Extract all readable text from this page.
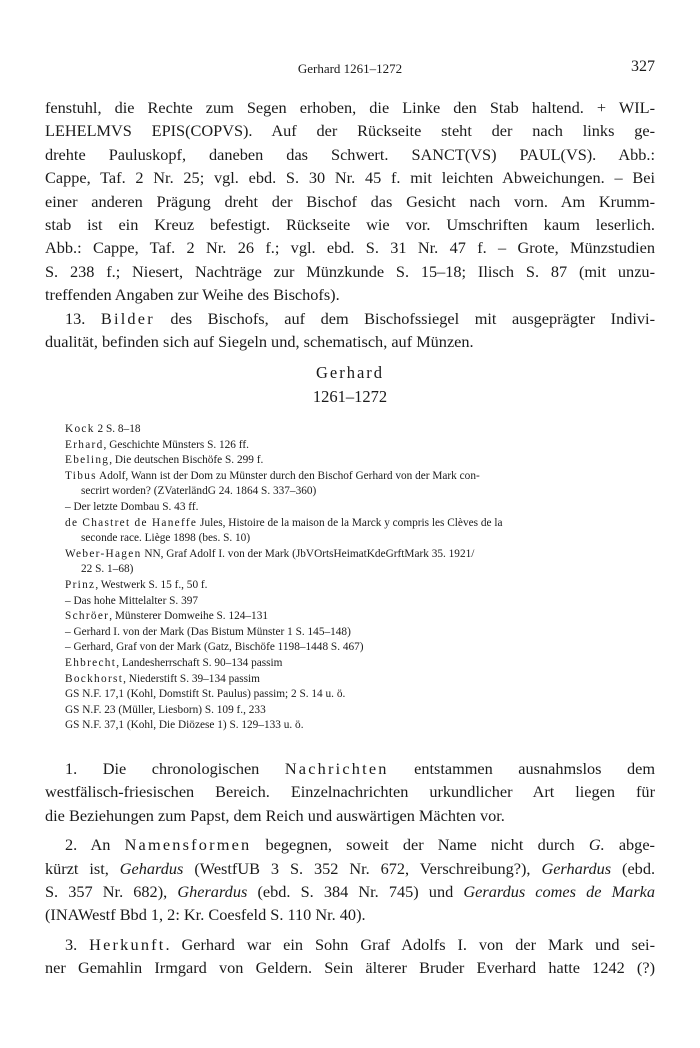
Gerhard 1261–1272	327
fenstuhl, die Rechte zum Segen erhoben, die Linke den Stab haltend. + WIL-
LEHELMVS EPIS(COPVS). Auf der Rückseite steht der nach links ge-
drehte Pauluskopf, daneben das Schwert. SANCT(VS) PAUL(VS). Abb.:
Cappe, Taf. 2 Nr. 25; vgl. ebd. S. 30 Nr. 45 f. mit leichten Abweichungen. – Bei
einer anderen Prägung dreht der Bischof das Gesicht nach vorn. Am Krumm-
stab ist ein Kreuz befestigt. Rückseite wie vor. Umschriften kaum leserlich.
Abb.: Cappe, Taf. 2 Nr. 26 f.; vgl. ebd. S. 31 Nr. 47 f. – Grote, Münzstudien
S. 238 f.; Niesert, Nachträge zur Münzkunde S. 15–18; Ilisch S. 87 (mit unzu-
treffenden Angaben zur Weihe des Bischofs).
13. Bilder des Bischofs, auf dem Bischofssiegel mit ausgeprägter Indivi-
dualität, befinden sich auf Siegeln und, schematisch, auf Münzen.
Gerhard
1261–1272
Kock 2 S. 8–18
Erhard, Geschichte Münsters S. 126 ff.
Ebeling, Die deutschen Bischöfe S. 299 f.
Tibus Adolf, Wann ist der Dom zu Münster durch den Bischof Gerhard von der Mark con-
secrirt worden? (ZVaterländG 24. 1864 S. 337–360)
– Der letzte Dombau S. 43 ff.
de Chastret de Haneffe Jules, Histoire de la maison de la Marck y compris les Clèves de la
seconde race. Liège 1898 (bes. S. 10)
Weber-Hagen NN, Graf Adolf I. von der Mark (JbVOrtsHeimatKdeGrftMark 35. 1921/
22 S. 1–68)
Prinz, Westwerk S. 15 f., 50 f.
– Das hohe Mittelalter S. 397
Schröer, Münsterer Domweihe S. 124–131
– Gerhard I. von der Mark (Das Bistum Münster 1 S. 145–148)
– Gerhard, Graf von der Mark (Gatz, Bischöfe 1198–1448 S. 467)
Ehbrecht, Landesherrschaft S. 90–134 passim
Bockhorst, Niederstift S. 39–134 passim
GS N.F. 17,1 (Kohl, Domstift St. Paulus) passim; 2 S. 14 u. ö.
GS N.F. 23 (Müller, Liesborn) S. 109 f., 233
GS N.F. 37,1 (Kohl, Die Diözese 1) S. 129–133 u. ö.
1. Die chronologischen Nachrichten entstammen ausnahmslos dem
westfälisch-friesischen Bereich. Einzelnachrichten urkundlicher Art liegen für
die Beziehungen zum Papst, dem Reich und auswärtigen Mächten vor.
2. An Namensformen begegnen, soweit der Name nicht durch G. abge-
kürzt ist, Gehardus (WestfUB 3 S. 352 Nr. 672, Verschreibung?), Gerhardus (ebd.
S. 357 Nr. 682), Gherardus (ebd. S. 384 Nr. 745) und Gerardus comes de Marka
(INAWestf Bbd 1, 2: Kr. Coesfeld S. 110 Nr. 40).
3. Herkunft. Gerhard war ein Sohn Graf Adolfs I. von der Mark und sei-
ner Gemahlin Irmgard von Geldern. Sein älterer Bruder Everhard hatte 1242 (?)
